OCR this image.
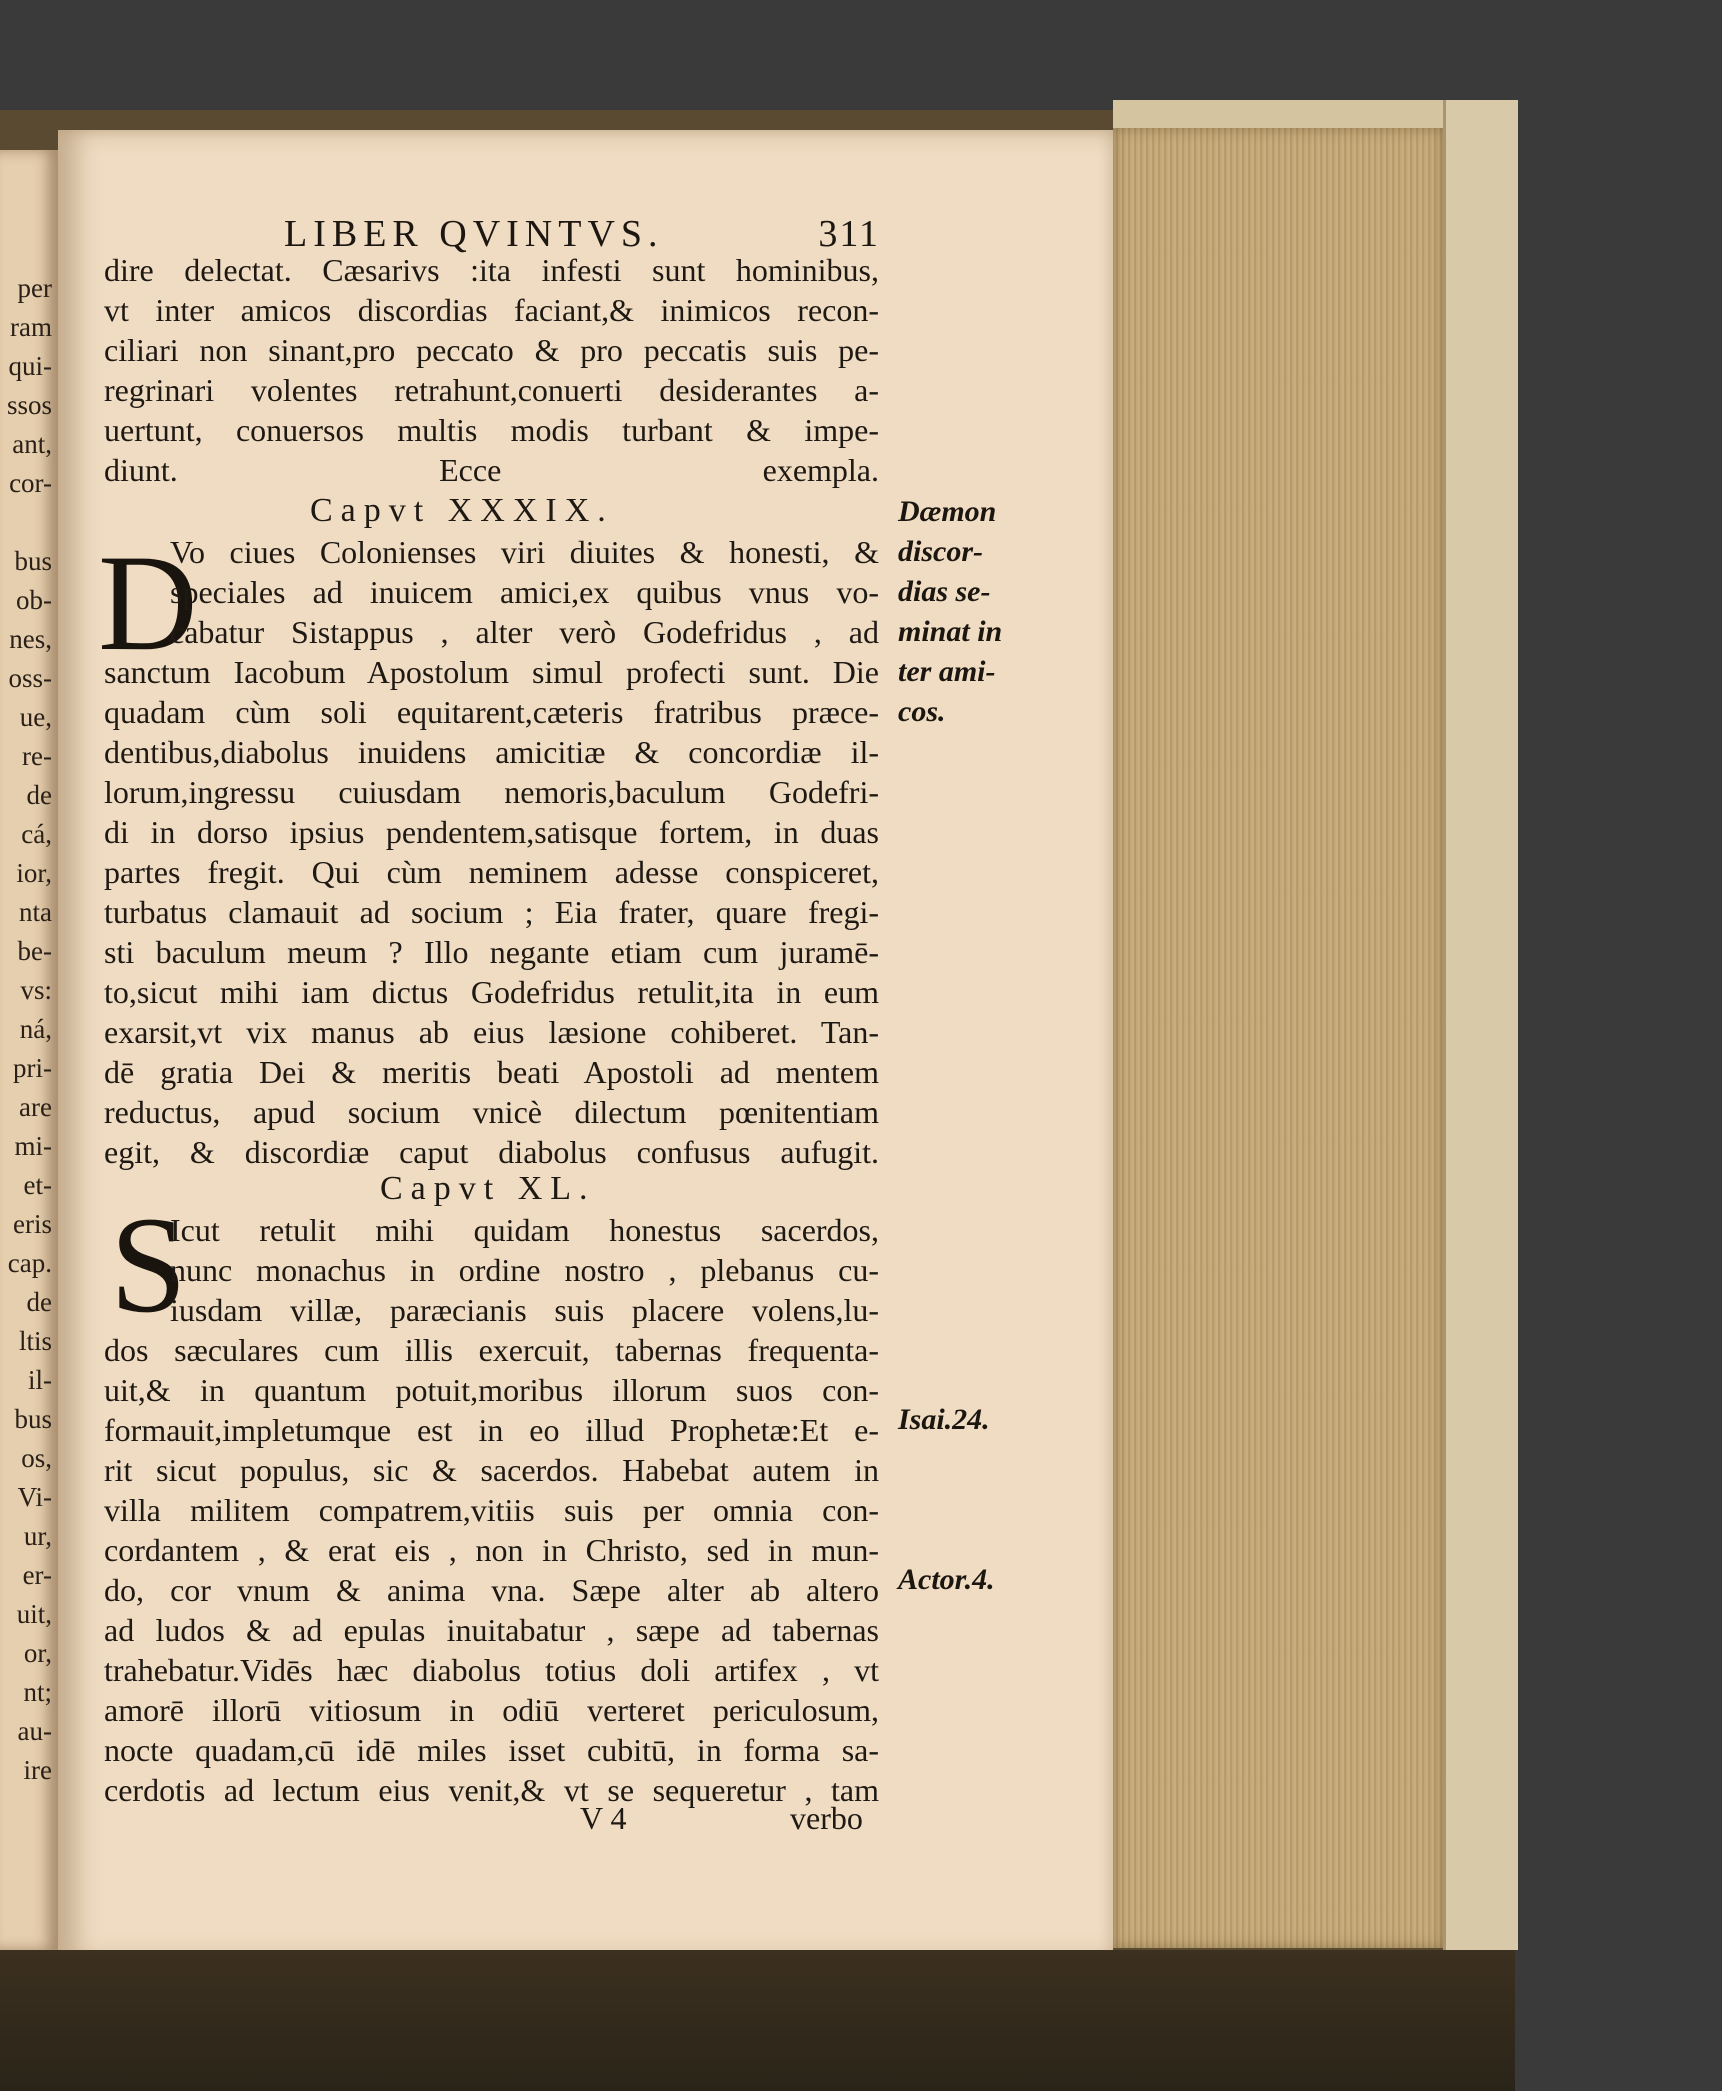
per
ram
qui-
ssos
ant,
cor-
bus
ob-
nes,
oss-
ue,
re-
de
cá,
ior,
nta
be-
vs:
ná,
pri-
are
mi-
et-
eris
cap.
de
ltis
il-
bus
os,
Vi-
ur,
er-
uit,
or,
nt;
au-
ire
LIBER QVINTVS.	311
dire delectat. Cæsarivs :ita infesti sunt hominibus,
vt inter amicos discordias faciant,& inimicos recon-
ciliari non sinant,pro peccato & pro peccatis suis pe-
regrinari volentes retrahunt,conuerti desiderantes a-
uertunt, conuersos multis modis turbant & impe-
diunt. Ecce exempla.
Capvt XXXIX.
D
Vo ciues Colonienses viri diuites & honesti, &
speciales ad inuicem amici,ex quibus vnus vo-
cabatur Sistappus , alter verò Godefridus , ad
sanctum Iacobum Apostolum simul profecti sunt. Die
quadam cùm soli equitarent,cæteris fratribus præce-
dentibus,diabolus inuidens amicitiæ & concordiæ il-
lorum,ingressu cuiusdam nemoris,baculum Godefri-
di in dorso ipsius pendentem,satisque fortem, in duas
partes fregit. Qui cùm neminem adesse conspiceret,
turbatus clamauit ad socium ; Eia frater, quare fregi-
sti baculum meum ? Illo negante etiam cum juramē-
to,sicut mihi iam dictus Godefridus retulit,ita in eum
exarsit,vt vix manus ab eius læsione cohiberet. Tan-
dē gratia Dei & meritis beati Apostoli ad mentem
reductus, apud socium vnicè dilectum pœnitentiam
egit, & discordiæ caput diabolus confusus aufugit.
Dæmon
discor-
dias se-
minat in
ter ami-
cos.
Capvt XL.
S
Icut retulit mihi quidam honestus sacerdos,
nunc monachus in ordine nostro , plebanus cu-
iusdam villæ, paræcianis suis placere volens,lu-
dos sæculares cum illis exercuit, tabernas frequenta-
uit,& in quantum potuit,moribus illorum suos con-
formauit,impletumque est in eo illud Prophetæ:Et e-
rit sicut populus, sic & sacerdos. Habebat autem in
villa militem compatrem,vitiis suis per omnia con-
cordantem , & erat eis , non in Christo, sed in mun-
do, cor vnum & anima vna. Sæpe alter ab altero
ad ludos & ad epulas inuitabatur , sæpe ad tabernas
trahebatur.Vidēs hæc diabolus totius doli artifex , vt
amorē illorū vitiosum in odiū verteret periculosum,
nocte quadam,cū idē miles isset cubitū, in forma sa-
cerdotis ad lectum eius venit,& vt se sequeretur , tam
Isai.24.
Actor.4.
V 4	verbo
